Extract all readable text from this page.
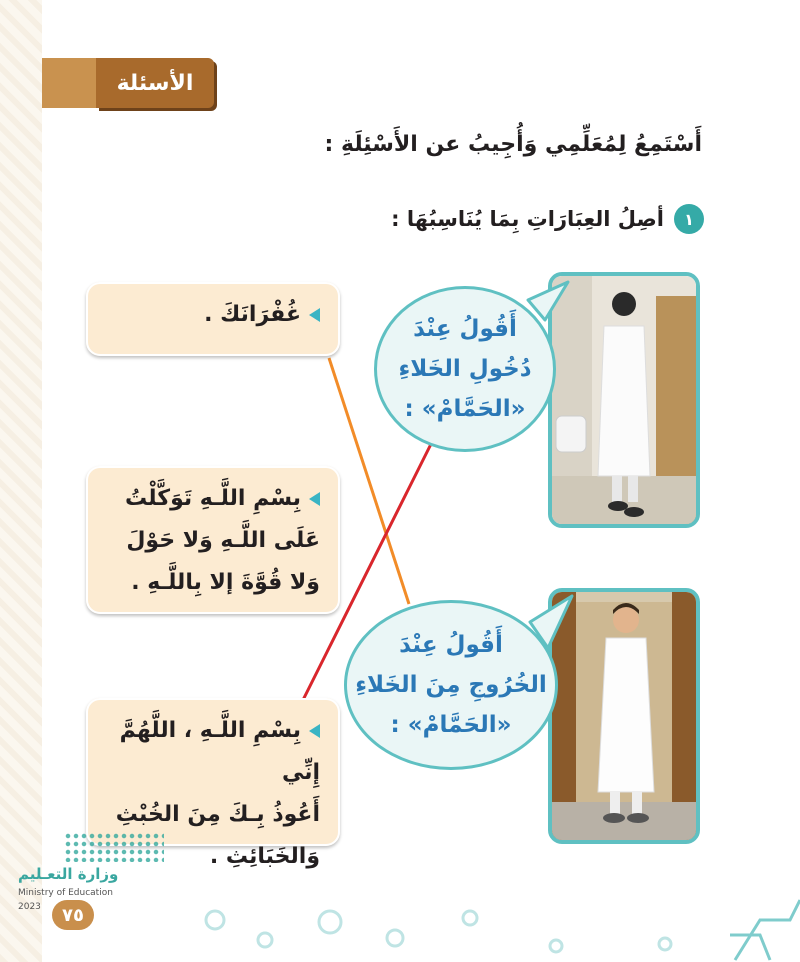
الأسئلة
أَسْتَمِعُ لِمُعَلِّمِي وَأُجِيبُ عن الأَسْئِلَةِ :
١
أصِلُ العِبَارَاتِ بِمَا يُنَاسِبُهَا :
غُفْرَانَكَ .
بِسْمِ اللَّـهِ تَوَكَّلْتُ
عَلَى اللَّـهِ وَلا حَوْلَ
وَلا قُوَّةَ إلا بِاللَّـهِ .
بِسْمِ اللَّـهِ ، اللَّهُمَّ إِنِّي
أَعُوذُ بِـكَ مِنَ الخُبْثِ
وَالخَبَائِثِ .
أَقُولُ عِنْدَ
دُخُولِ الخَلاءِ
«الحَمَّامْ» :
أَقُولُ عِنْدَ
الخُرُوجِ مِنَ الخَلاءِ
«الحَمَّامْ» :
وزارة التعـليم
Ministry of Education
2023	٧٥
